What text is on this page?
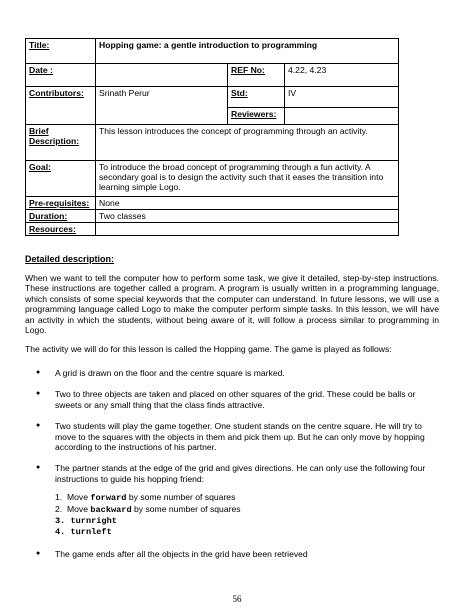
Title:	Hopping game: a gentle introduction to programming		
Date :		REF No:	4.22, 4.23
Contributors:	Srinath Perur	Std:	IV
		Reviewers:	
Brief Description:	This lesson introduces the concept of programming through an activity.		
Goal:	To introduce the broad concept of programming through a fun activity. A secondary goal is to design the activity such that it eases the transition into learning simple Logo.		
Pre-requisites:	None		
Duration:	Two classes		
Resources:			
Detailed description:
When we want to tell the computer how to perform some task, we give it detailed, step-by-step instructions. These instructions are together called a program. A program is usually written in a programming language, which consists of some special keywords that the computer can understand. In future lessons, we will use a programming language called Logo to make the computer perform simple tasks. In this lesson, we will have an activity in which the students, without being aware of it, will follow a process similar to programming in Logo.
The activity we will do for this lesson is called the Hopping game. The game is played as follows:
● A grid is drawn on the floor and the centre square is marked.
● Two to three objects are taken and placed on other squares of the grid. These could be balls or sweets or any small thing that the class finds attractive.
● Two students will play the game together. One student stands on the centre square. He will try to move to the squares with the objects in them and pick them up. But he can only move by hopping according to the instructions of his partner.
● The partner stands at the edge of the grid and gives directions. He can only use the following four instructions to guide his hopping friend:
1. Move forward by some number of squares
2. Move backward by some number of squares
3. turnright
4. turnleft
● The game ends after all the objects in the grid have been retrieved
56
